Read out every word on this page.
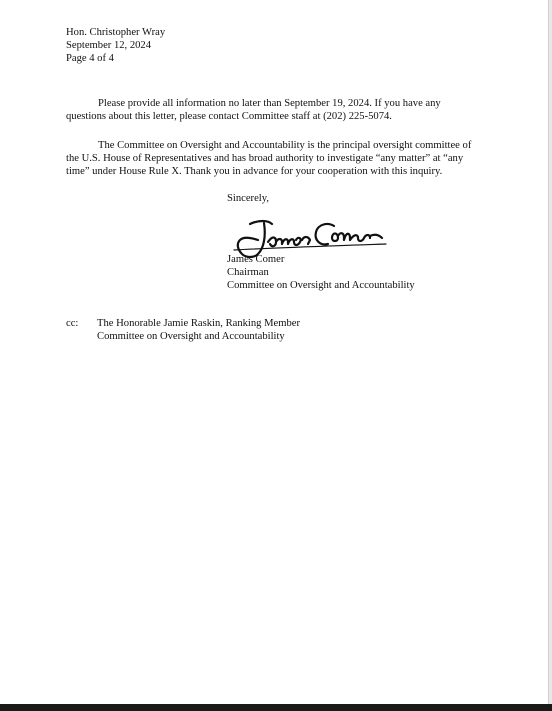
Hon. Christopher Wray
September 12, 2024
Page 4 of 4
Please provide all information no later than September 19, 2024. If you have any
questions about this letter, please contact Committee staff at (202) 225-5074.
The Committee on Oversight and Accountability is the principal oversight committee of
the U.S. House of Representatives and has broad authority to investigate “any matter” at “any
time” under House Rule X. Thank you in advance for your cooperation with this inquiry.
Sincerely,
James Comer
Chairman
Committee on Oversight and Accountability
cc: The Honorable Jamie Raskin, Ranking Member
Committee on Oversight and Accountability
